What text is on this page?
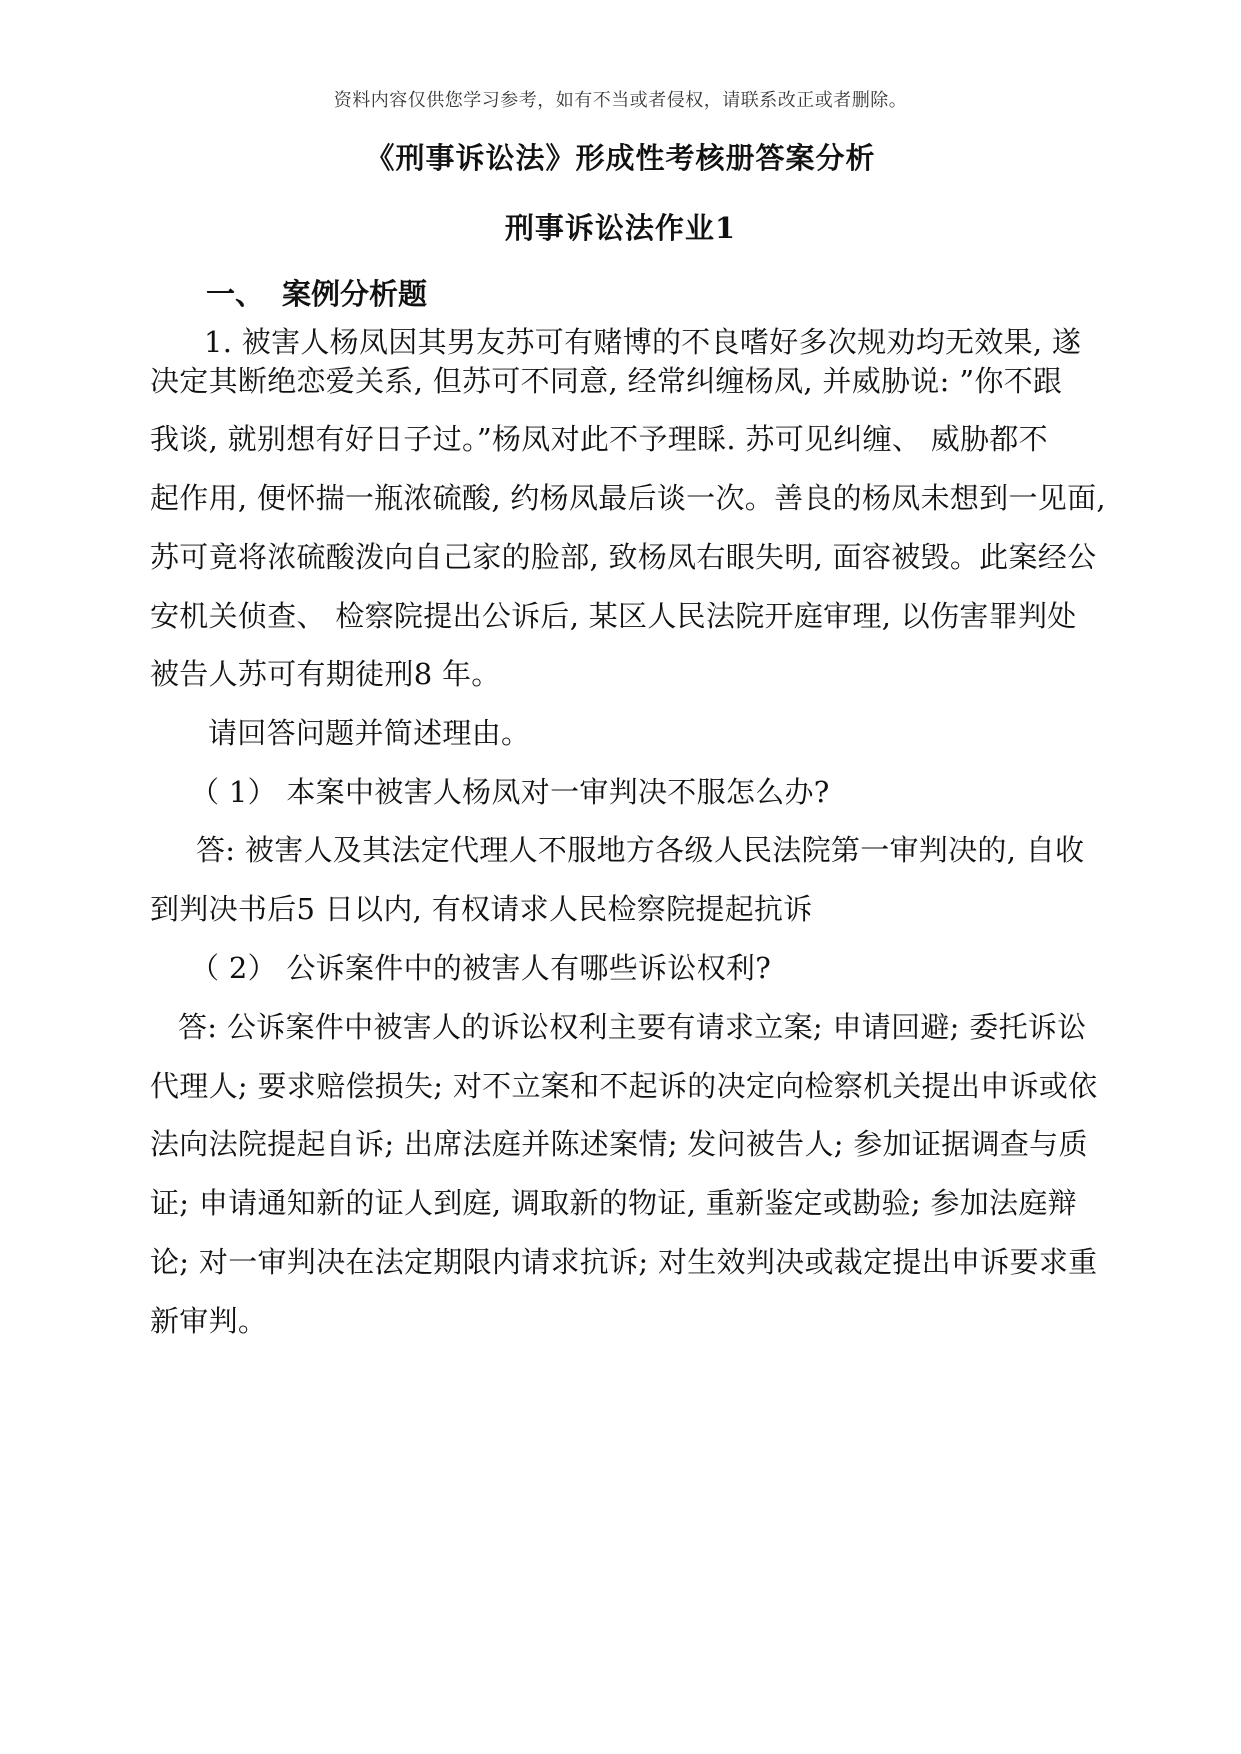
资料内容仅供您学习参考，如有不当或者侵权，请联系改正或者删除。
《刑事诉讼法》形成性考核册答案分析
刑事诉讼法作业1
一、 案例分析题
1. 被害人杨凤因其男友苏可有赌博的不良嗜好多次规劝均无效果, 遂
决定其断绝恋爱关系, 但苏可不同意, 经常纠缠杨凤, 并威胁说: ”你不跟
我谈, 就别想有好日子过。”杨凤对此不予理睬. 苏可见纠缠、 威胁都不
起作用, 便怀揣一瓶浓硫酸, 约杨凤最后谈一次。善良的杨凤未想到一见面,
苏可竟将浓硫酸泼向自己家的脸部, 致杨凤右眼失明, 面容被毁。此案经公
安机关侦查、 检察院提出公诉后, 某区人民法院开庭审理, 以伤害罪判处
被告人苏可有期徒刑8 年。
请回答问题并简述理由。
（ 1） 本案中被害人杨凤对一审判决不服怎么办?
答: 被害人及其法定代理人不服地方各级人民法院第一审判决的, 自收
到判决书后5 日以内, 有权请求人民检察院提起抗诉
（ 2） 公诉案件中的被害人有哪些诉讼权利?
答: 公诉案件中被害人的诉讼权利主要有请求立案; 申请回避; 委托诉讼
代理人; 要求赔偿损失; 对不立案和不起诉的决定向检察机关提出申诉或依
法向法院提起自诉; 出席法庭并陈述案情; 发问被告人; 参加证据调查与质
证; 申请通知新的证人到庭, 调取新的物证, 重新鉴定或勘验; 参加法庭辩
论; 对一审判决在法定期限内请求抗诉; 对生效判决或裁定提出申诉要求重
新审判。
